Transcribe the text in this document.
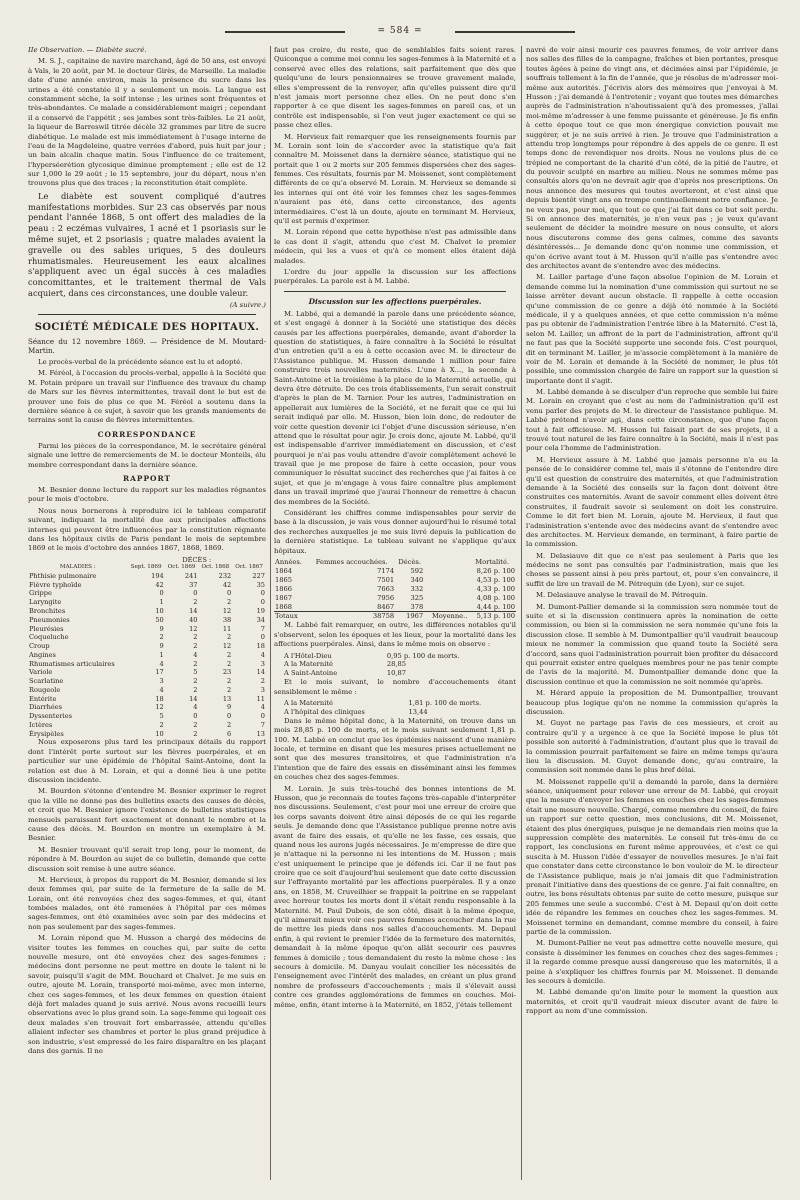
= 584 =

IIe Observation. — Diabète sucré.

M. S. J., capitaine de navire marchand, âgé de 50 ans, est envoyé à Vals, le 20 août, par M. le docteur Girès, de Marseille. La maladie date d'une année environ, mais la présence du sucre dans les urines a été constatée il y a seulement un mois. La langue est constamment sèche, la soif intense ; les urines sont fréquentes et très-abondantes. Ce malade a considérablement maigri ; cependant il a conservé de l'appétit ; ses jambes sont très-faibles. Le 21 août, la liqueur de Barreswil titrée décèle 32 grammes par litre de sucre diabétique. Le malade est mis immédiatement à l'usage interne de l'eau de la Magdeleine, quatre verrées d'abord, puis huit par jour ; un bain alcalin chaque matin. Sous l'influence de ce traitement, l'hyperséerétion glycosique diminue promptement ; elle est de 12 sur 1,000 le 29 août ; le 15 septembre, jour du départ, nous n'en trouvons plus que des traces ; la reconstitution était complète.

Le diabète est souvent compliqué d'autres manifestations morbides. Sur 23 cas observés par nous pendant l'année 1868, 5 ont offert des maladies de la peau : 2 eczémas vulvaires, 1 acné et 1 psoriasis sur le même sujet, et 2 psoriasis ; quatre malades avaient la gravelle ou des sables uriques, 5 des douleurs rhumatismales. Heureusement les eaux alcalines s'appliquent avec un égal succès à ces maladies concomittantes, et le traitement thermal de Vals acquiert, dans ces circonstances, une double valeur.

(A suivre.)

SOCIÉTÉ MÉDICALE DES HOPITAUX.

Séance du 12 novembre 1869. — Présidence de M. Moutard-Martin.

Le procès-verbal de la précédente séance est lu et adopté.

M. Féréol, à l'occasion du procès-verbal, appelle à la Société que M. Potain prépare un travail sur l'influence des travaux du champ de Mars sur les fièvres intermittentes, travail dont le but est de prouver une fois de plus ce que M. Féréol a soutenu dans la dernière séance à ce sujet, à savoir que les grands maniements de terrains sont la cause de fièvres intermittentes.

CORRESPONDANCE

Parmi les pièces de la correspondance, M. le secrétaire général signale une lettre de remerciements de M. le docteur Monteils, élu membre correspondant dans la dernière séance.

RAPPORT

M. Besnier donne lecture du rapport sur les maladies régnantes pour le mois d'octobre.

Nous nous bornerons à reproduire ici le tableau comparatif suivant, indiquant la mortalité due aux principales affections internes qui peuvent être influencées par la constitution régnante dans les hôpitaux civils de Paris pendant le mois de septembre 1869 et le mois d'octobre des années 1867, 1868, 1869.

	DÉCÈS :			
MALADIES :	Sept. 1869	Oct. 1869	Oct. 1868	Oct. 1867
Phthisie pulmonaire	194	241	232	227
Fièvre typhoïde	42	37	42	35
Grippe	0	0	0	0
Laryngite	1	2	2	0
Bronchites	10	14	12	19
Pneumonies	50	40	38	34
Pleurésies	9	12	11	7
Coqueluche	2	2	2	0
Croup	9	2	12	18
Angines	1	4	2	4
Rhumatismes articulaires	4	2	2	3
Variole	17	5	23	14
Scarlatine	3	2	2	2
Rougeole	4	2	2	3
Entérite	18	14	13	11
Diarrhées	12	4	9	4
Dyssenteries	5	0	0	0
Ictères	2	2	2	7
Érysipèles	10	2	6	13

Nous exposerons plus tard les principaux détails du rapport dont l'intérêt porte surtout sur les fièvres puerpérales, et en particulier sur une épidémie de l'hôpital Saint-Antoine, dont la relation est due à M. Lorain, et qui a donné lieu à une petite discussion incidente.

M. Bourdon s'étonne d'entendre M. Besnier exprimer le regret que la ville ne donne pas des bulletins exacts des causes de décès, et croit que M. Besnier ignore l'existence de bulletins statistiques mensuels paraissant fort exactement et donnant le nombre et la cause des décès. M. Bourdon en montre un exemplaire à M. Besnier.

M. Besnier trouvant qu'il serait trop long, pour le moment, de répondre à M. Bourdon au sujet de ce bulletin, demande que cette discussion soit remise à une autre séance.

M. Hervieux, à propos du rapport de M. Besnier, demande si les deux femmes qui, par suite de la fermeture de la salle de M. Lorain, ont été renvoyées chez des sages-femmes, et qui, étant tombées malades, ont été ramenées à l'hôpital par ces mêmes sages-femmes, ont été examinées avec soin par des médecins et non pas seulement par des sages-femmes.

M. Lorain répond que M. Husson a chargé des médecins de visiter toutes les femmes en couches qui, par suite de cette nouvelle mesure, ont été envoyées chez des sages-femmes ; médecins dont personne ne peut mettre en doute le talent ni le savoir, puisqu'il s'agit de MM. Bouchard et Chalvet. Je me suis en outre, ajoute M. Lorain, transporté moi-même, avec mon interne, chez ces sages-femmes, et les deux femmes en question étaient déjà fort malades quand je suis arrivé. Nous avons recueilli leurs observations avec le plus grand soin. La sage-femme qui logeait ces deux malades s'en trouvait fort embarrassée, attendu qu'elles allaient infecter ses chambres et porter le plus grand préjudice à son industrie, s'est empressé de les faire disparaître en les plaçant dans des garnis. Il ne

faut pas croire, du reste, que de semblables faits soient rares. Quiconque a comme moi connu les sages-femmes à la Maternité et a conservé avec elles des relations, sait parfaitement que dès que quelqu'une de leurs pensionnaires se trouve gravement malade, elles s'empressent de la renvoyer, afin qu'elles puissent dire qu'il n'est jamais mort personne chez elles. On ne peut donc s'en rapporter à ce que disent les sages-femmes en pareil cas, et un contrôle est indispensable, si l'on veut juger exactement ce qui se passe chez elles.

M. Hervieux fait remarquer que les renseignements fournis par M. Lorain sont loin de s'accorder avec la statistique qu'a fait connaître M. Moissenet dans la dernière séance, statistique qui ne portait que 1 ou 2 morts sur 205 femmes dispersées chez des sages-femmes. Ces résultats, fournis par M. Moissenet, sont complètement différents de ce qu'a observé M. Lorain. M. Hervieux se demande si les internes qui ont été voir les femmes chez les sages-femmes n'auraient pas été, dans cette circonstance, des agents intermédiaires. C'est là un doute, ajoute en terminant M. Hervieux, qu'il est permis d'exprimer.

M. Lorain répond que cette hypothèse n'est pas admissible dans le cas dont il s'agit, attendu que c'est M. Chalvet le premier médecin, qui les a vues et qu'à ce moment elles étaient déjà malades.

L'ordre du jour appelle la discussion sur les affections puerpérales. La parole est à M. Labbé.

Discussion sur les affections puerpérales.

M. Labbé, qui a demandé la parole dans une précédente séance, et s'est engagé à donner à la Société une statistique des décès causés par les affections puerpérales, demande, avant d'aborder la question de statistiques, à faire connaître à la Société le résultat d'un entretien qu'il a eu à cette occasion avec M. le directeur de l'Assistance publique. M. Husson demande 1 million pour faire construire trois nouvelles maternités. L'une à X..., la seconde à Saint-Antoine et la troisième à la place de la Maternité actuelle, qui devra être détruite. De ces trois établissements, l'un serait construit d'après le plan de M. Tarnier. Pour les autres, l'administration en appellerait aux lumières de la Société, et ne ferait que ce qui lui serait indiqué par elle. M. Husson, bien loin donc, de redouter de voir cette question devenir ici l'objet d'une discussion sérieuse, n'en attend que le résultat pour agir. Je crois donc, ajoute M. Labbé, qu'il est indispensable d'arriver immédiatement en discussion, et c'est pourquoi je n'ai pas voulu attendre d'avoir complètement achevé le travail que je me propose de faire à cette occasion, pour vous communiquer le résultat succinct des recherches que j'ai faites à ce sujet, et que je m'engage à vous faire connaître plus amplement dans un travail imprimé que j'aurai l'honneur de remettre à chacun des membres de la Société.

Considérant les chiffres comme indispensables pour servir de base à la discussion, je vais vous donner aujourd'hui le résumé total des recherches auxquelles je me suis livré depuis la publication de la dernière statistique. Le tableau suivant ne s'applique qu'aux hôpitaux.

Années.	Femmes accouchées.	Décès.		Mortalité.
1864	7174	592		8,26 p. 100
1865	7501	340		4,53 p. 100
1866	7663	332		4,33 p. 100
1867	7956	325		4,08 p. 100
1868	8467	378		4,44 p. 100
Totaux	38758	1967	Moyenne..	5,13 p. 100

M. Labbé fait remarquer, en outre, les différences notables qu'il s'observent, selon les époques et les lieux, pour la mortalité dans les affections puerpérales. Ainsi, dans le même mois on observe :

A l'Hôtel-Dieu	0,95 p. 100 de morts.
A la Maternité	28,85
A Saint-Antoine	10,87

Et le mois suivant, le nombre d'accouchements étant sensiblement le même :

A la Maternité	1,81 p. 100 de morts.
A l'hôpital des cliniques	13,44

Dans le même hôpital donc, à la Maternité, on trouve dans un mois 28,85 p. 100 de morts, et le mois suivant seulement 1,81 p. 100. M. Labbé en conclut que les épidémies naissent d'une manière locale, et termine en disant que les mesures prises actuellement ne sont que des mesures transitoires, et que l'administration n'a l'intention que de faire des essais en disséminant ainsi les femmes en couches chez des sages-femmes.

M. Lorain. Je suis très-touché des bonnes intentions de M. Husson, que je reconnais de toutes façons très-capable d'interpréter nos discussions. Seulement, c'est pour moi une erreur de croire que les corps savants doivent être ainsi déposés de ce qui les regarde seuls. Je demande donc que l'Assistance publique prenne notre avis avant de faire des essais, et qu'elle ne les fasse, ces essais, que quand nous les aurons jugés nécessaires. Je m'empresse de dire que je n'attaque ni la personne ni les intentions de M. Husson ; mais c'est uniquement le principe que je défends ici. Car il ne faut pas croire que ce soit d'aujourd'hui seulement que date cette discussion sur l'effrayante mortalité par les affections puerpérales. Il y a onze ans, en 1858, M. Cruveilhier se frappait la poitrine en se rappelant avec horreur toutes les morts dont il s'était rendu responsable à la Maternité. M. Paul Dubois, de son côté, disait à la même époque, qu'il aimerait mieux voir ces pauvres femmes accoucher dans la rue de mettre les pieds dans nos salles d'accouchements. M. Depaul enfin, à qui revient le premier l'idée de la fermeture des maternités, demandait à la même époque qu'on allât secourir ces pauvres femmes à domicile ; tous demandaient du reste la même chose : les secours à domicile. M. Danyau voulait concilier les nécessités de l'enseignement avec l'intérêt des malades, en créant un plus grand nombre de professeurs d'accouchements ; mais il s'élevait aussi contre ces grandes agglomérations de femmes en couches. Moi-même, enfin, étant interne à la Maternité, en 1852, j'étais tellement

navré de voir ainsi mourir ces pauvres femmes, de voir arriver dans nos salles des filles de la campagne, fraîches et bien portantes, presque toutes âgées à peine de vingt ans, et décimées ainsi par l'épidémie, je souffrais tellement à la fin de l'année, que je résolus de m'adresser moi-même aux autorités. J'écrivis alors des mémoires que j'envoyai à M. Husson ; j'ai demandé à l'entretenir ; voyant que toutes mes démarches auprès de l'administration n'aboutissaient qu'à des promesses, j'allai moi-même m'adresser à une femme puissante et généreuse. Je fis enfin à cette époque tout ce que mon énergique conviction pouvait me suggérer, et je ne suis arrivé à rien. Je trouve que l'administration a attendu trop longtemps pour répondre à des appels de ce genre. Il est temps donc de revendiquer nos droits. Nous ne voulons plus de ce trépied ne comportant de la charité d'un côté, de la pitié de l'autre, et du pouvoir sculpté en marbre au milieu. Nous ne sommes même pas consultés alors qu'on ne devrait agir que d'après nos prescriptions. On nous annonce des mesures qui toutes avorteront, et c'est ainsi que depuis bientôt vingt ans on trompe continuellement notre confiance. Je ne veux pas, pour moi, que tout ce que j'ai fait dans ce but soit perdu. Si on annonce des maternités, je n'en veux pas ; je veux qu'avant seulement de décider la moindre mesure on nous consulte, et alors nous discuterons comme des gens calmes, comme des savants désintéressés... Je demande donc qu'on nomme une commission, et qu'on écrive avant tout à M. Husson qu'il n'aille pas s'entendre avec des architectes avant de s'entendre avec des médecins.

M. Lailler partage d'une façon absolue l'opinion de M. Lorain et demande comme lui la nomination d'une commission qui surtout ne se laisse arrêter devant aucun obstacle. Il rappelle à cette occasion qu'une commission de ce genre a déjà été nommée à la Société médicale, il y a quelques années, et que cette commission n'a même pas pu obtenir de l'administration l'entrée libre à la Maternité. C'est là, selon M. Lailler, un affront de la part de l'administration, affront qu'il ne faut pas que la Société supporte une seconde fois. C'est pourquoi, dit en terminant M. Lailler, je m'associe complètement à la manière de voir de M. Lorain et demande à la Société de nommer, le plus tôt possible, une commission chargée de faire un rapport sur la question si importante dont il s'agit.

M. Labbé demande à se disculper d'un reproche que semble lui faire M. Lorain en croyant que c'est au nom de l'administration qu'il est venu parler des projets de M. le directeur de l'assistance publique. M. Labbé prétend n'avoir agi, dans cette circonstance, que d'une façon tout à fait officieuse. M. Husson lui faisait part de ses projets, il a trouvé tout naturel de les faire connaître à la Société, mais il n'est pas pour cela l'homme de l'administration.

M. Hervieux assure à M. Labbé que jamais personne n'a eu la pensée de le considérer comme tel, mais il s'étonne de l'entendre dire qu'il est question de construire des maternités, et que l'administration demande à la Société des conseils sur la façon dont doivent être construites ces maternités. Avant de savoir comment elles doivent être construites, il faudrait savoir si seulement on doit les construire. Comme le dit fort bien M. Lorain, ajoute M. Hervieux, il faut que l'administration s'entende avec des médecins avant de s'entendre avec des architectes. M. Hervieux demande, en terminant, à faire partie de la commission.

M. Delasiauve dit que ce n'est pas seulement à Paris que les médecins ne sont pas consultés par l'administration, mais que les choses se passent ainsi à peu près partout, et, pour s'en convaincre, il suffit de lire un travail de M. Pétrequin (de Lyon), sur ce sujet.

M. Delasiauve analyse le travail de M. Pétrequin.

M. Dumont-Pallier demande si la commission sera nommée tout de suite et si la discussion continuera après la nomination de cette commission, ou bien si la commission ne sera nommée qu'une fois la discussion close. Il semble à M. Dumontpallier qu'il vaudrait beaucoup mieux ne nommer la commission que quand toute la Société sera d'accord, sans quoi l'administration pourrait bien profiter du désaccord qui pourrait exister entre quelques membres pour ne pas tenir compte de l'avis de la majorité. M. Dumontpallier demande donc que la discussion continue et que la commission ne soit nommée qu'après.

M. Hérard appuie la proposition de M. Dumontpallier, trouvant beaucoup plus logique qu'on ne nomme la commission qu'après la discussion.

M. Guyot ne partage pas l'avis de ces messieurs, et croit au contraire qu'il y a urgence à ce que la Société impose le plus tôt possible son autorité à l'administration, d'autant plus que le travail de la commission pourrait parfaitement se faire en même temps qu'aura lieu la discussion. M. Guyot demande donc, qu'au contraire, la commission soit nommée dans le plus bref délai.

M. Moissenet rappelle qu'il a demandé la parole, dans la dernière séance, uniquement pour relever une erreur de M. Labbé, qui croyait que la mesure d'envoyer les femmes en couches chez les sages-femmes était une mesure nouvelle. Chargé, comme membre du conseil, de faire un rapport sur cette question, mes conclusions, dit M. Moissenet, étaient des plus énergiques, puisque je ne demandais rien moins que la suppression complète des maternités. Le conseil fut très-ému de ce rapport, les conclusions en furent même approuvées, et c'est ce qui suscita à M. Husson l'idée d'essayer de nouvelles mesures. Je n'ai fait que constater dans cette circonstance le bon vouloir de M. le directeur de l'Assistance publique, mais je n'ai jamais dit que l'administration prenait l'initiative dans des questions de ce genre. J'ai fait connaître, en outre, les bons résultats obtenus par suite de cette mesure, puisque sur 205 femmes une seule a succombé. C'est à M. Depaul qu'on doit cette idée de répandre les femmes en couches chez les sages-femmes. M. Moissenet termine en demandant, comme membre du conseil, à faire partie de la commission.

M. Dumont-Pallier ne veut pas admettre cette nouvelle mesure, qui consiste à disséminer les femmes en couches chez des sages-femmes ; il la regarde comme presque aussi dangereuse que les maternités, il a peine à s'expliquer les chiffres fournis par M. Moissenet. Il demande les secours à domicile.

M. Labbé demande qu'on limite pour le moment la question aux maternités, et croit qu'il vaudrait mieux discuter avant de faire le rapport au nom d'une commission.
